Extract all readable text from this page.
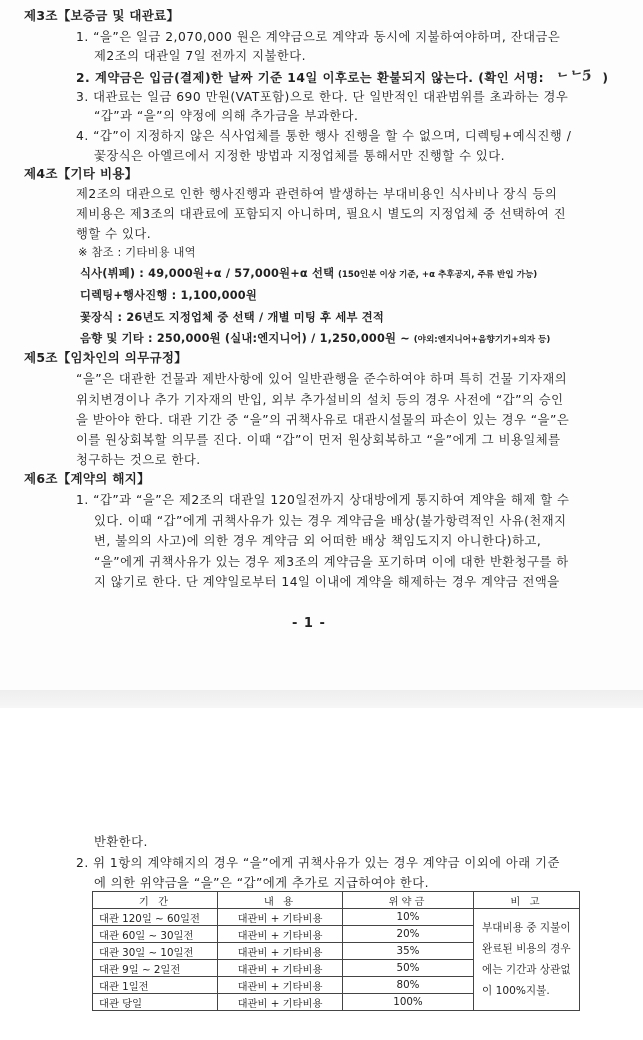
제3조【보증금 및 대관료】
1. “을”은 일금 2,070,000 원은 계약금으로 계약과 동시에 지불하여야하며, 잔대금은
제2조의 대관일 7일 전까지 지불한다.
2. 계약금은 입금(결제)한 날짜 기준 14일 이후로는 환불되지 않는다. (확인 서명: ᄂᄂ5 )
3. 대관료는 일금 690 만원(VAT포함)으로 한다. 단 일반적인 대관범위를 초과하는 경우
“갑”과 “을”의 약정에 의해 추가금을 부과한다.
4. “갑”이 지정하지 않은 식사업체를 통한 행사 진행을 할 수 없으며, 디렉팅+예식진행 /
꽃장식은 아엘르에서 지정한 방법과 지정업체를 통해서만 진행할 수 있다.
제4조【기타 비용】
제2조의 대관으로 인한 행사진행과 관련하여 발생하는 부대비용인 식사비나 장식 등의
제비용은 제3조의 대관료에 포함되지 아니하며, 필요시 별도의 지정업체 중 선택하여 진
행할 수 있다.
※ 참조 : 기타비용 내역
식사(뷔페) : 49,000원+α / 57,000원+α 선택 (150인분 이상 기준, +α 추후공지, 주류 반입 가능)
디렉팅+행사진행 : 1,100,000원
꽃장식 : 26년도 지정업체 중 선택 / 개별 미팅 후 세부 견적
음향 및 기타 : 250,000원 (실내:엔지니어) / 1,250,000원 ~ (야외:엔지니어+음향기기+의자 등)
제5조【임차인의 의무규정】
“을”은 대관한 건물과 제반사항에 있어 일반관행을 준수하여야 하며 특히 건물 기자재의
위치변경이나 추가 기자재의 반입, 외부 추가설비의 설치 등의 경우 사전에 “갑”의 승인
을 받아야 한다. 대관 기간 중 “을”의 귀책사유로 대관시설물의 파손이 있는 경우 “을”은
이를 원상회복할 의무를 진다. 이때 “갑”이 먼저 원상회복하고 “을”에게 그 비용일체를
청구하는 것으로 한다.
제6조【계약의 해지】
1. “갑”과 “을”은 제2조의 대관일 120일전까지 상대방에게 통지하여 계약을 해제 할 수
있다. 이때 “갑”에게 귀책사유가 있는 경우 계약금을 배상(불가항력적인 사유(천재지
변, 불의의 사고)에 의한 경우 계약금 외 어떠한 배상 책임도지지 아니한다)하고,
“을”에게 귀책사유가 있는 경우 제3조의 계약금을 포기하며 이에 대한 반환청구를 하
지 않기로 한다. 단 계약일로부터 14일 이내에 계약을 해제하는 경우 계약금 전액을
- 1 -
반환한다.
2. 위 1항의 계약해지의 경우 “을”에게 귀책사유가 있는 경우 계약금 이외에 아래 기준
에 의한 위약금을 “을”은 “갑”에게 추가로 지급하여야 한다.
기 간	내 용	위약금	비 고
대관 120일 ~ 60일전	대관비 + 기타비용	10%	부대비용 중 지불이 완료된 비용의 경우에는 기간과 상관없이 100%지불.
대관 60일 ~ 30일전	대관비 + 기타비용	20%	
대관 30일 ~ 10일전	대관비 + 기타비용	35%	
대관 9일 ~ 2일전	대관비 + 기타비용	50%	
대관 1일전	대관비 + 기타비용	80%	
대관 당일	대관비 + 기타비용	100%	
